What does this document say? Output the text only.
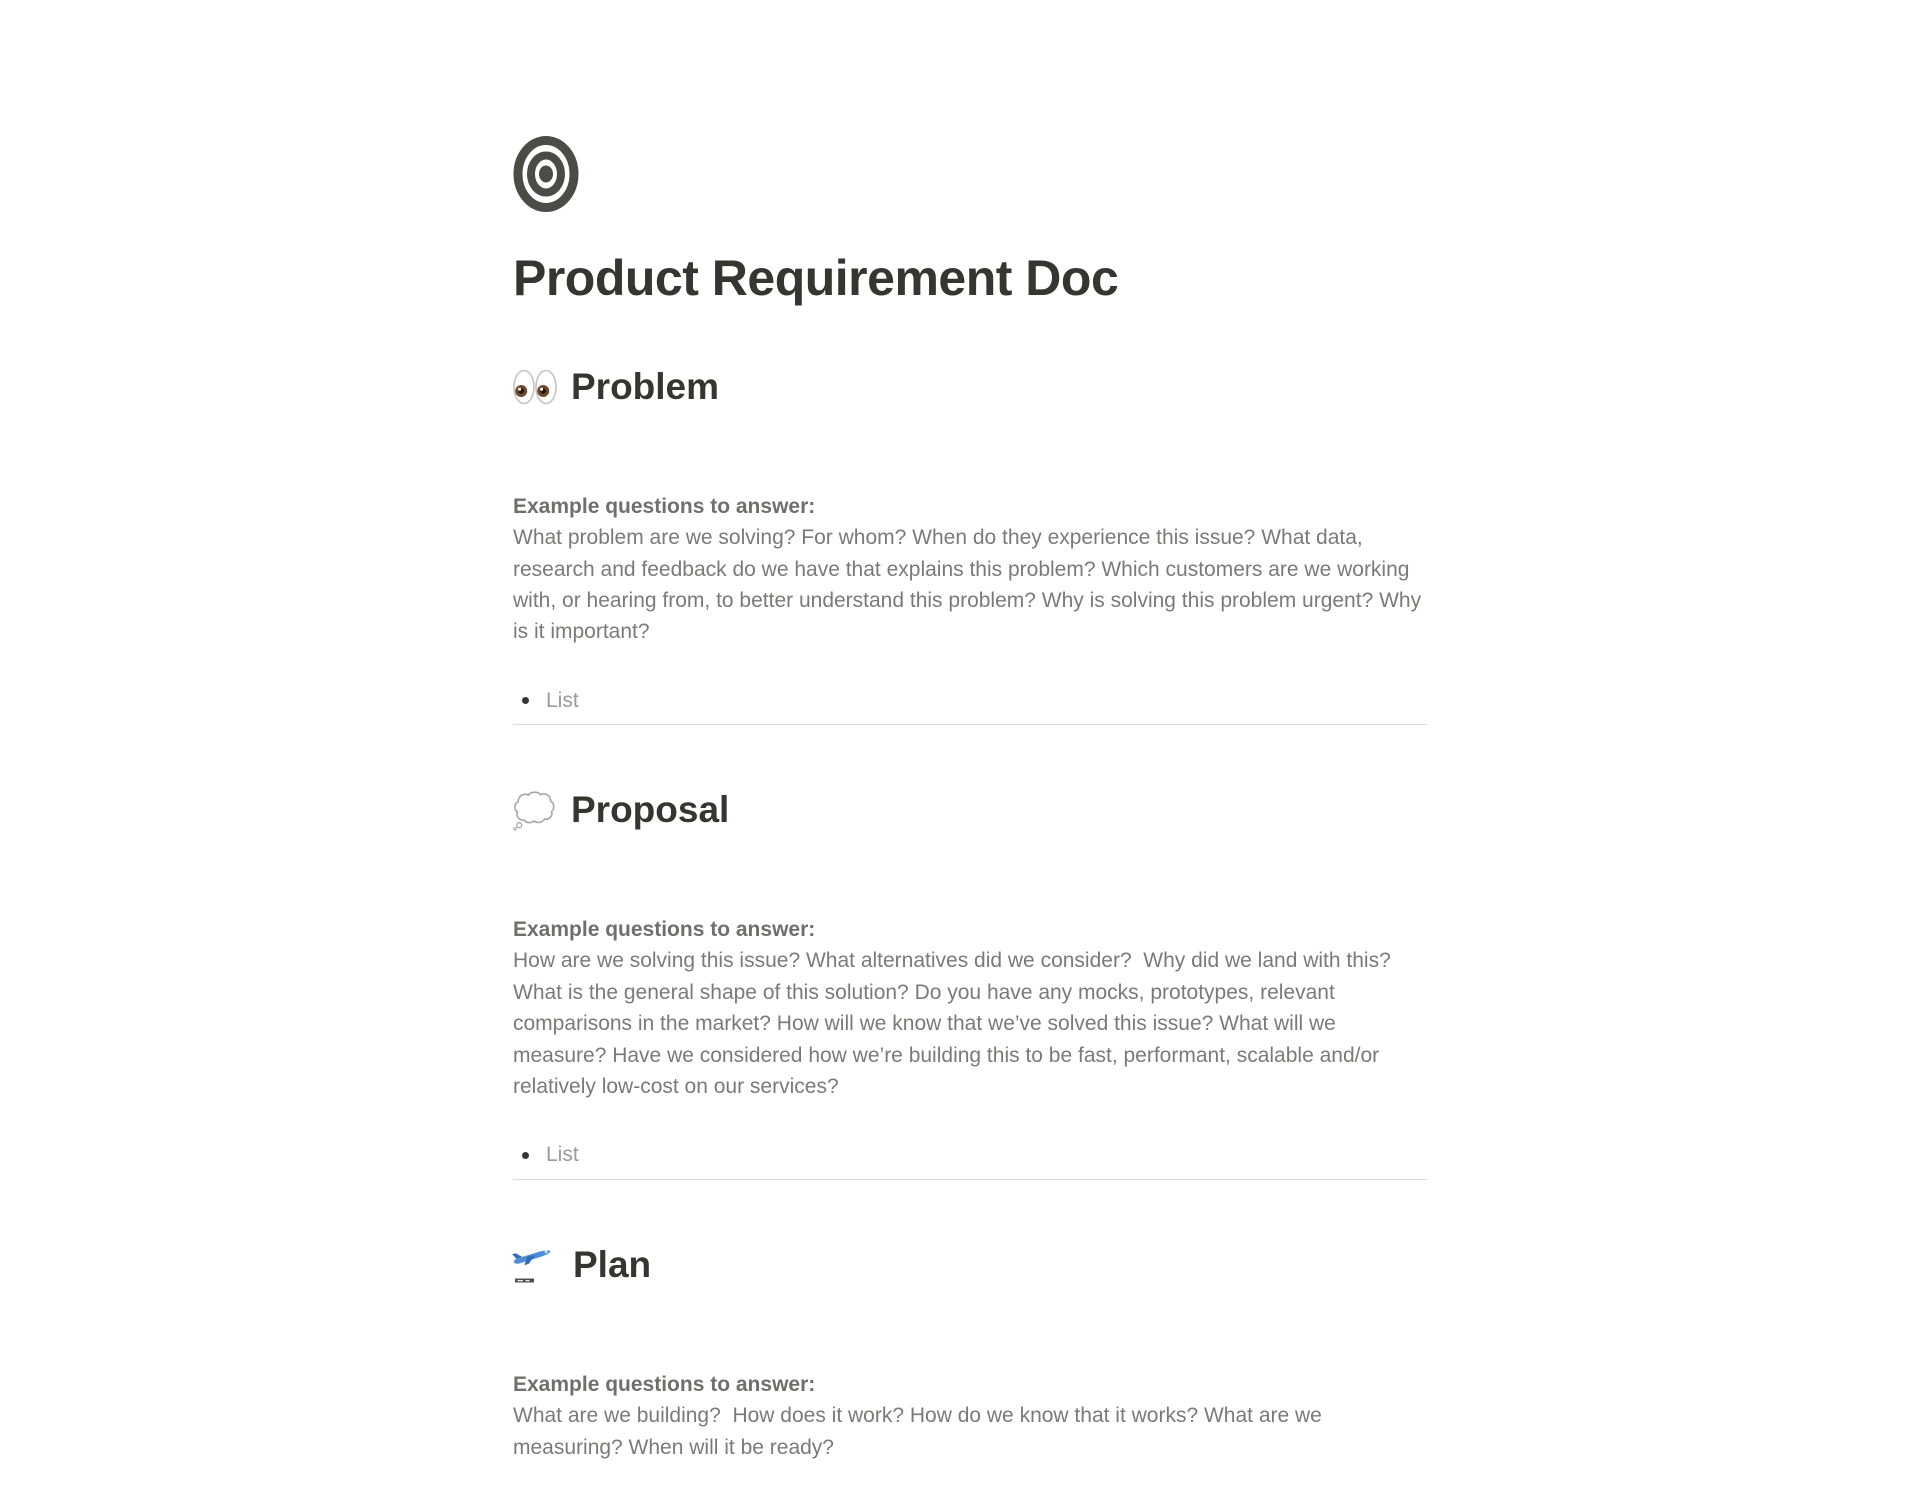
Product Requirement Doc
Problem

Example questions to answer:
What problem are we solving? For whom? When do they experience this issue? What data, research and feedback do we have that explains this problem? Which customers are we working with, or hearing from, to better understand this problem? Why is solving this problem urgent? Why is it important?

List
Proposal

Example questions to answer:
How are we solving this issue? What alternatives did we consider?  Why did we land with this? What is the general shape of this solution? Do you have any mocks, prototypes, relevant comparisons in the market? How will we know that we’ve solved this issue? What will we measure? Have we considered how we’re building this to be fast, performant, scalable and/or relatively low-cost on our services?

List
Plan

Example questions to answer:
What are we building?  How does it work? How do we know that it works? What are we measuring? When will it be ready?
